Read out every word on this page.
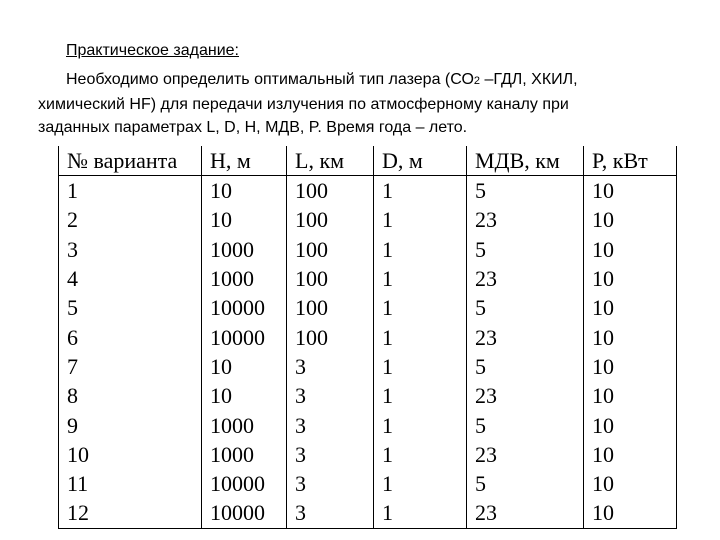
Практическое задание:
Необходимо определить оптимальный тип лазера (СО2 –ГДЛ, ХКИЛ,
химический HF) для передачи излучения по атмосферному каналу при
заданных параметрах L, D, H, МДВ, P. Время года – лето.
№ варианта	H, м	L, км	D, м	МДВ, км	P, кВт
1	10	100	1	5	10
2	10	100	1	23	10
3	1000	100	1	5	10
4	1000	100	1	23	10
5	10000	100	1	5	10
6	10000	100	1	23	10
7	10	3	1	5	10
8	10	3	1	23	10
9	1000	3	1	5	10
10	1000	3	1	23	10
11	10000	3	1	5	10
12	10000	3	1	23	10
